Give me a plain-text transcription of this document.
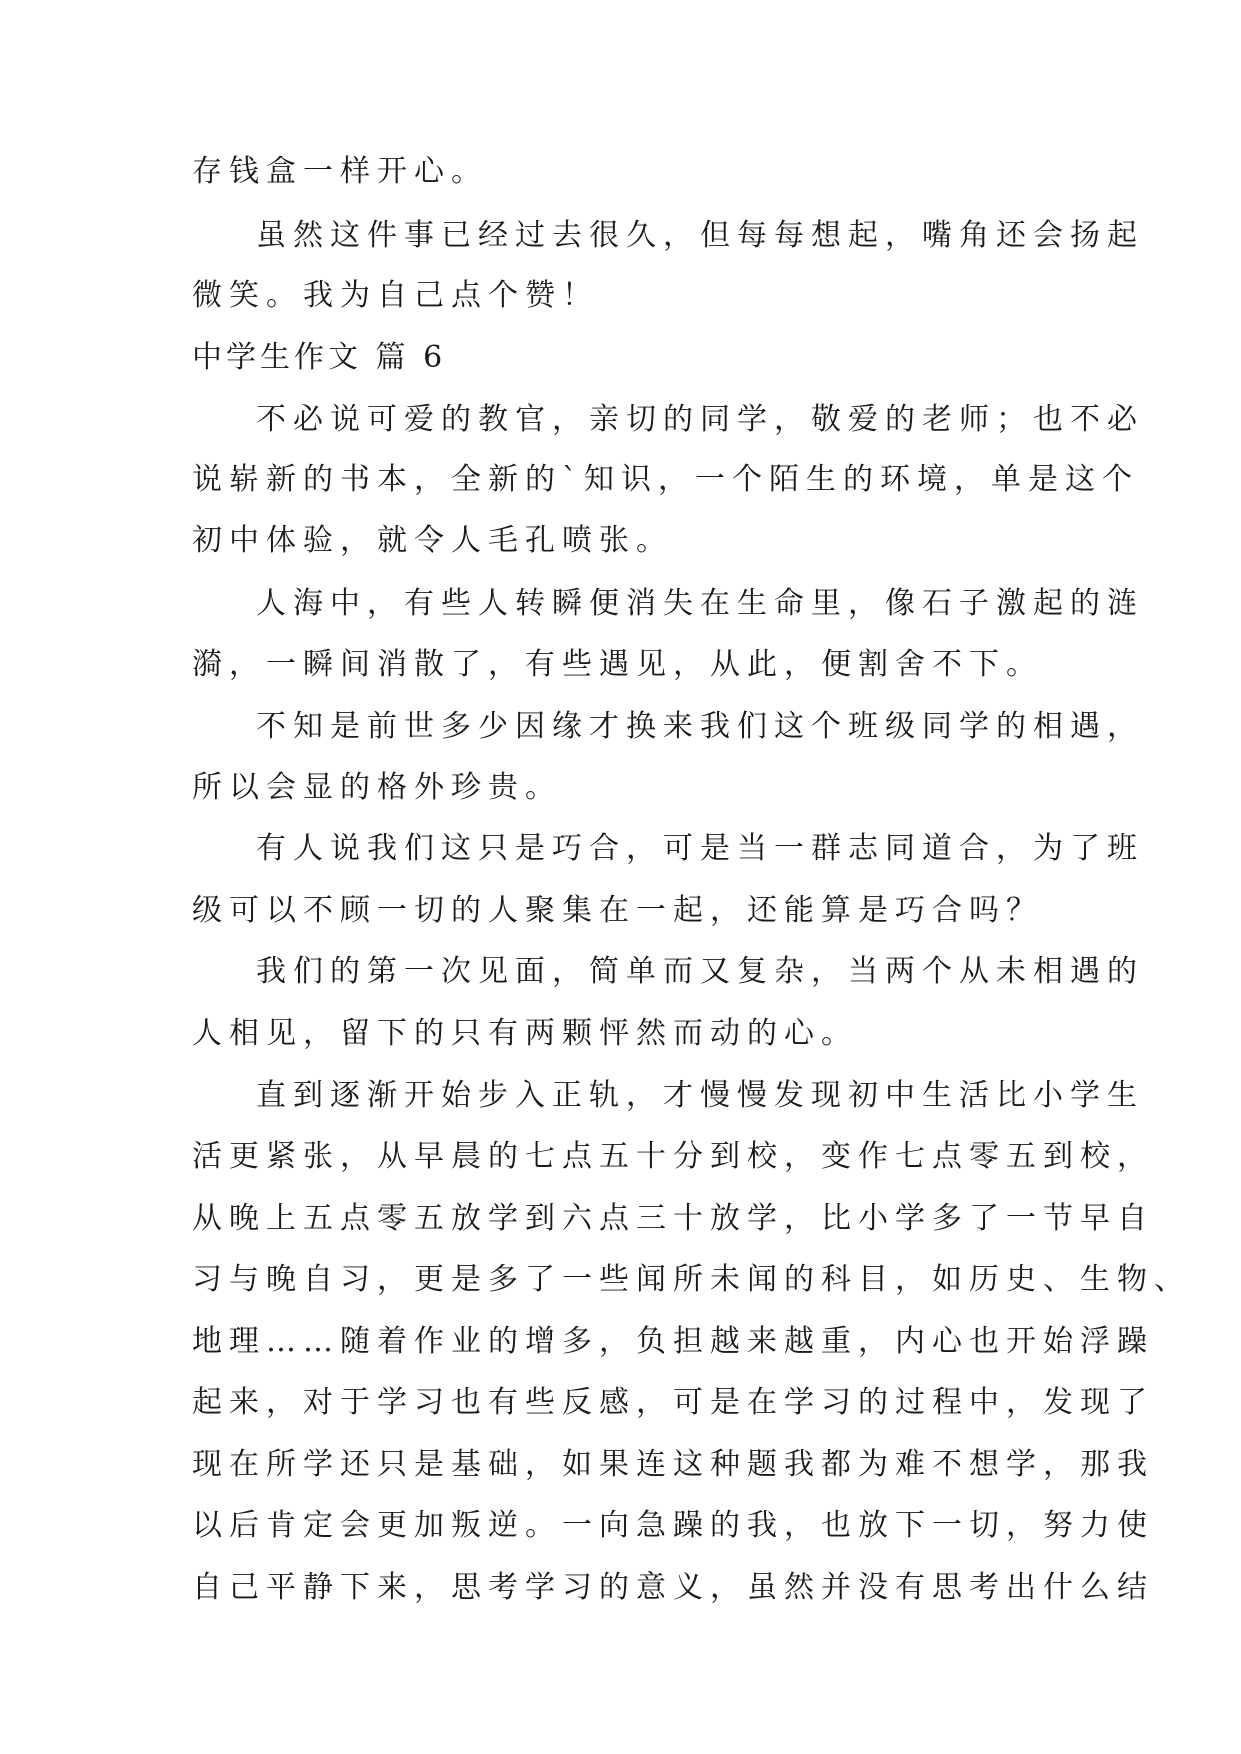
存钱盒一样开心。
虽然这件事已经过去很久，但每每想起，嘴角还会扬起
微笑。我为自己点个赞！
中学生作文 篇 6
不必说可爱的教官，亲切的同学，敬爱的老师；也不必
说崭新的书本，全新的`知识，一个陌生的环境，单是这个
初中体验，就令人毛孔喷张。
人海中，有些人转瞬便消失在生命里，像石子激起的涟
漪，一瞬间消散了，有些遇见，从此，便割舍不下。
不知是前世多少因缘才换来我们这个班级同学的相遇，
所以会显的格外珍贵。
有人说我们这只是巧合，可是当一群志同道合，为了班
级可以不顾一切的人聚集在一起，还能算是巧合吗？
我们的第一次见面，简单而又复杂，当两个从未相遇的
人相见，留下的只有两颗怦然而动的心。
直到逐渐开始步入正轨，才慢慢发现初中生活比小学生
活更紧张，从早晨的七点五十分到校，变作七点零五到校，
从晚上五点零五放学到六点三十放学，比小学多了一节早自
习与晚自习，更是多了一些闻所未闻的科目，如历史、生物、
地理……随着作业的增多，负担越来越重，内心也开始浮躁
起来，对于学习也有些反感，可是在学习的过程中，发现了
现在所学还只是基础，如果连这种题我都为难不想学，那我
以后肯定会更加叛逆。一向急躁的我，也放下一切，努力使
自己平静下来，思考学习的意义，虽然并没有思考出什么结
